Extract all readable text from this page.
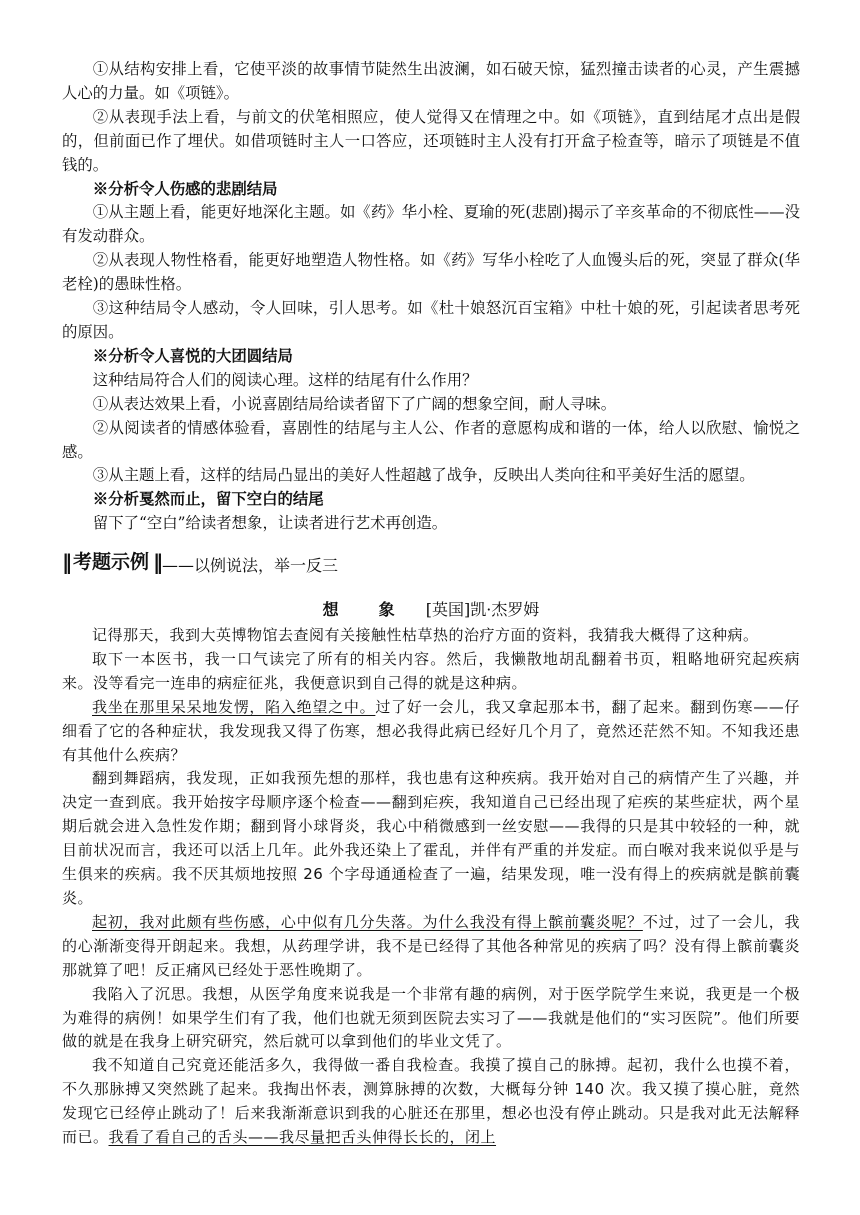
①从结构安排上看，它使平淡的故事情节陡然生出波澜，如石破天惊，猛烈撞击读者的心灵，产生震撼人心的力量。如《项链》。

②从表现手法上看，与前文的伏笔相照应，使人觉得又在情理之中。如《项链》，直到结尾才点出是假的，但前面已作了埋伏。如借项链时主人一口答应，还项链时主人没有打开盒子检查等，暗示了项链是不值钱的。

※分析令人伤感的悲剧结局

①从主题上看，能更好地深化主题。如《药》华小栓、夏瑜的死(悲剧)揭示了辛亥革命的不彻底性——没有发动群众。

②从表现人物性格看，能更好地塑造人物性格。如《药》写华小栓吃了人血馒头后的死，突显了群众(华老栓)的愚昧性格。

③这种结局令人感动，令人回味，引人思考。如《杜十娘怒沉百宝箱》中杜十娘的死，引起读者思考死的原因。

※分析令人喜悦的大团圆结局

这种结局符合人们的阅读心理。这样的结尾有什么作用？

①从表达效果上看，小说喜剧结局给读者留下了广阔的想象空间，耐人寻味。

②从阅读者的情感体验看，喜剧性的结尾与主人公、作者的意愿构成和谐的一体，给人以欣慰、愉悦之感。

③从主题上看，这样的结局凸显出的美好人性超越了战争，反映出人类向往和平美好生活的愿望。

※分析戛然而止，留下空白的结尾

留下了“空白”给读者想象，让读者进行艺术再创造。

‖ 考题示例 ‖ ——以例说法，举一反三
想　象 [英国]凯·杰罗姆

记得那天，我到大英博物馆去查阅有关接触性枯草热的治疗方面的资料，我猜我大概得了这种病。

取下一本医书，我一口气读完了所有的相关内容。然后，我懒散地胡乱翻着书页，粗略地研究起疾病来。没等看完一连串的病症征兆，我便意识到自己得的就是这种病。

我坐在那里呆呆地发愣，陷入绝望之中。过了好一会儿，我又拿起那本书，翻了起来。翻到伤寒——仔细看了它的各种症状，我发现我又得了伤寒，想必我得此病已经好几个月了，竟然还茫然不知。不知我还患有其他什么疾病？

翻到舞蹈病，我发现，正如我预先想的那样，我也患有这种疾病。我开始对自己的病情产生了兴趣，并决定一查到底。我开始按字母顺序逐个检查——翻到疟疾，我知道自己已经出现了疟疾的某些症状，两个星期后就会进入急性发作期；翻到肾小球肾炎，我心中稍微感到一丝安慰——我得的只是其中较轻的一种，就目前状况而言，我还可以活上几年。此外我还染上了霍乱，并伴有严重的并发症。而白喉对我来说似乎是与生俱来的疾病。我不厌其烦地按照 26 个字母通通检查了一遍，结果发现，唯一没有得上的疾病就是髌前囊炎。

起初，我对此颇有些伤感，心中似有几分失落。为什么我没有得上髌前囊炎呢？不过，过了一会儿，我的心渐渐变得开朗起来。我想，从药理学讲，我不是已经得了其他各种常见的疾病了吗？没有得上髌前囊炎那就算了吧！反正痛风已经处于恶性晚期了。

我陷入了沉思。我想，从医学角度来说我是一个非常有趣的病例，对于医学院学生来说，我更是一个极为难得的病例！如果学生们有了我，他们也就无须到医院去实习了——我就是他们的“实习医院”。他们所要做的就是在我身上研究研究，然后就可以拿到他们的毕业文凭了。

我不知道自己究竟还能活多久，我得做一番自我检查。我摸了摸自己的脉搏。起初，我什么也摸不着，不久那脉搏又突然跳了起来。我掏出怀表，测算脉搏的次数，大概每分钟 140 次。我又摸了摸心脏，竟然发现它已经停止跳动了！后来我渐渐意识到我的心脏还在那里，想必也没有停止跳动。只是我对此无法解释而已。我看了看自己的舌头——我尽量把舌头伸得长长的，闭上
